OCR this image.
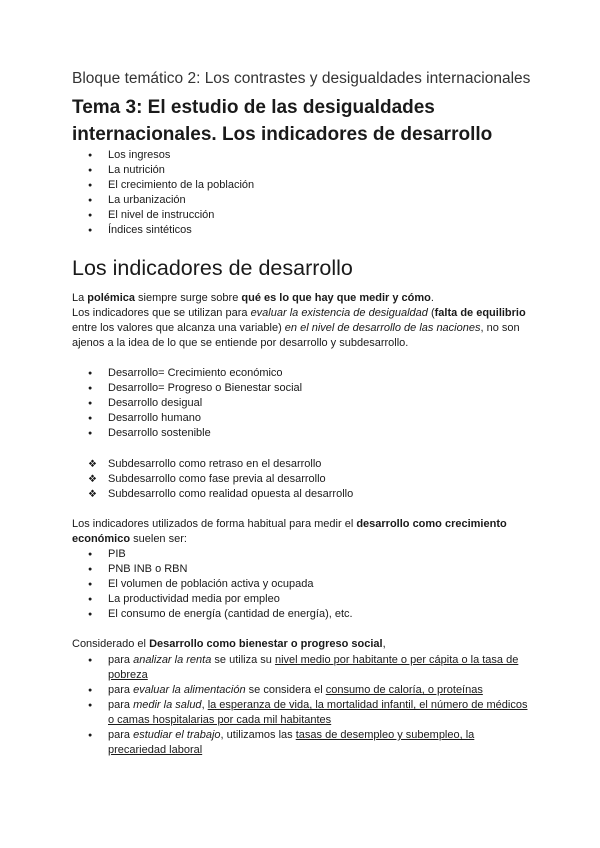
Bloque temático 2: Los contrastes y desigualdades internacionales
Tema 3: El estudio de las desigualdades internacionales. Los indicadores de desarrollo
● Los ingresos
● La nutrición
● El crecimiento de la población
● La urbanización
● El nivel de instrucción
● Índices sintéticos
Los indicadores de desarrollo
La polémica siempre surge sobre qué es lo que hay que medir y cómo.
Los indicadores que se utilizan para evaluar la existencia de desigualdad (falta de equilibrio entre los valores que alcanza una variable) en el nivel de desarrollo de las naciones, no son ajenos a la idea de lo que se entiende por desarrollo y subdesarrollo.
● Desarrollo= Crecimiento económico
● Desarrollo= Progreso o Bienestar social
● Desarrollo desigual
● Desarrollo humano
● Desarrollo sostenible
❖ Subdesarrollo como retraso en el desarrollo
❖ Subdesarrollo como fase previa al desarrollo
❖ Subdesarrollo como realidad opuesta al desarrollo
Los indicadores utilizados de forma habitual para medir el desarrollo como crecimiento económico suelen ser:
● PIB
● PNB INB o RBN
● El volumen de población activa y ocupada
● La productividad media por empleo
● El consumo de energía (cantidad de energía), etc.
Considerado el Desarrollo como bienestar o progreso social,
● para analizar la renta se utiliza su nivel medio por habitante o per cápita o la tasa de pobreza
● para evaluar la alimentación se considera el consumo de caloría, o proteínas
● para medir la salud, la esperanza de vida, la mortalidad infantil, el número de médicos o camas hospitalarias por cada mil habitantes
● para estudiar el trabajo, utilizamos las tasas de desempleo y subempleo, la precariedad laboral
